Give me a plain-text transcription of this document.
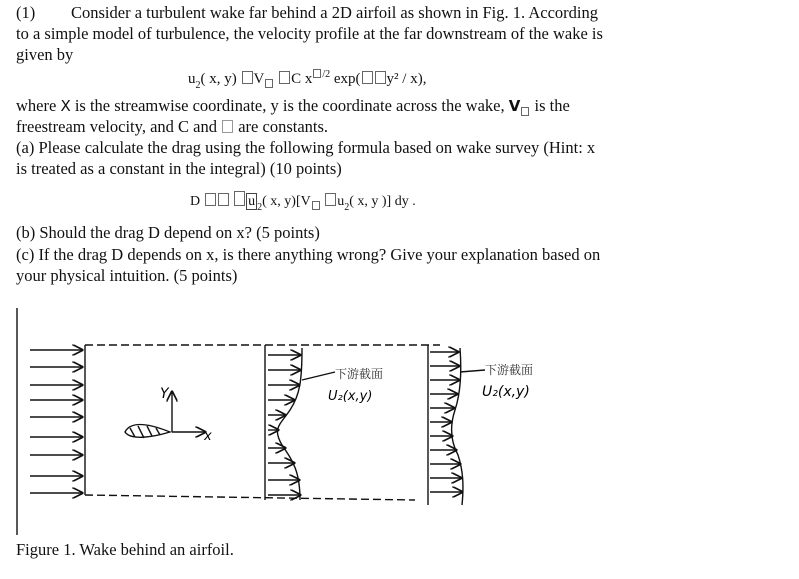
(1) Consider a turbulent wake far behind a 2D airfoil as shown in Fig. 1. According
to a simple model of turbulence, the velocity profile at the far downstream of the wake is
given by
$u_2$( x, y) V C x $^{/2}$ exp( y² / x),
where X is the streamwise coordinate, y is the coordinate across the wake, V is the
freestream velocity, and C and are constants.
(a) Please calculate the drag using the following formula based on wake survey (Hint: x
is treated as a constant in the integral) (10 points)
D	u $_2$( x, y)[V $u_2$( x, y )] dy .
(b) Should the drag D depend on x? (5 points)
(c) If the drag D depends on x, is there anything wrong? Give your explanation based on
your physical intuition. (5 points)
Y
x
下游截面
U₂(x,y)
下游截面
U₂(x,y)
Figure 1. Wake behind an airfoil.
